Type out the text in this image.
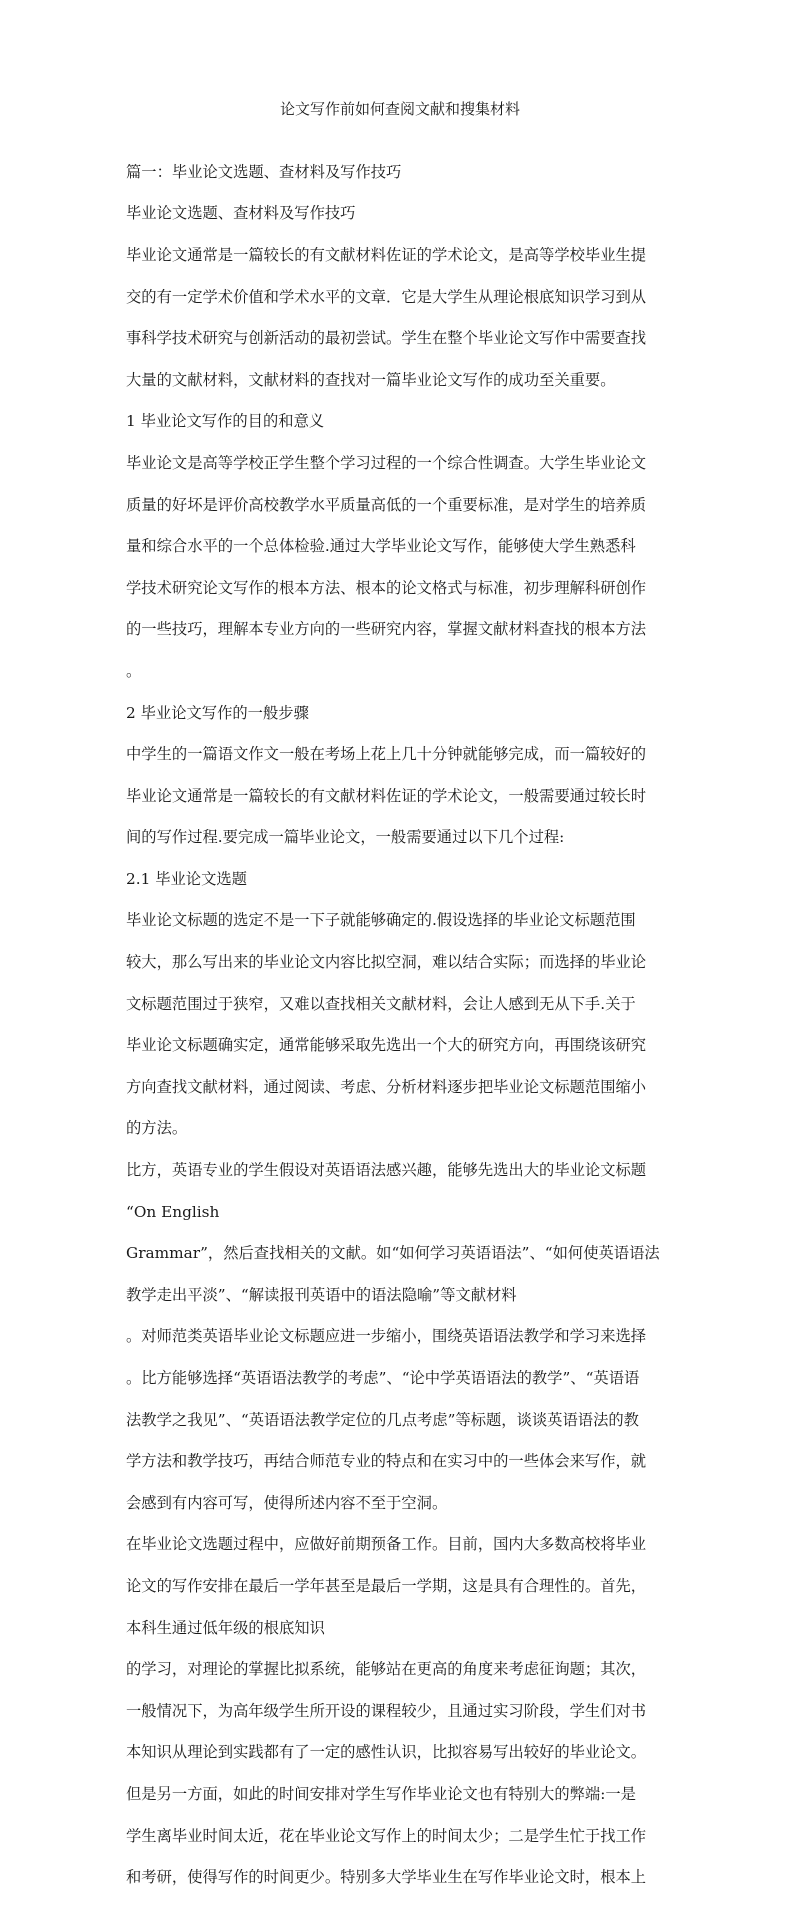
论文写作前如何查阅文献和搜集材料

篇一：毕业论文选题、查材料及写作技巧

毕业论文选题、查材料及写作技巧

毕业论文通常是一篇较长的有文献材料佐证的学术论文，是高等学校毕业生提

交的有一定学术价值和学术水平的文章．它是大学生从理论根底知识学习到从

事科学技术研究与创新活动的最初尝试。学生在整个毕业论文写作中需要查找

大量的文献材料，文献材料的查找对一篇毕业论文写作的成功至关重要。

1 毕业论文写作的目的和意义

毕业论文是高等学校正学生整个学习过程的一个综合性调查。大学生毕业论文

质量的好坏是评价高校教学水平质量高低的一个重要标准，是对学生的培养质

量和综合水平的一个总体检验.通过大学毕业论文写作，能够使大学生熟悉科

学技术研究论文写作的根本方法、根本的论文格式与标准，初步理解科研创作

的一些技巧，理解本专业方向的一些研究内容，掌握文献材料查找的根本方法

。

2 毕业论文写作的一般步骤

中学生的一篇语文作文一般在考场上花上几十分钟就能够完成，而一篇较好的

毕业论文通常是一篇较长的有文献材料佐证的学术论文，一般需要通过较长时

间的写作过程.要完成一篇毕业论文，一般需要通过以下几个过程:

2.1 毕业论文选题

毕业论文标题的选定不是一下子就能够确定的.假设选择的毕业论文标题范围

较大，那么写出来的毕业论文内容比拟空洞，难以结合实际；而选择的毕业论

文标题范围过于狭窄，又难以查找相关文献材料，会让人感到无从下手.关于

毕业论文标题确实定，通常能够采取先选出一个大的研究方向，再围绕该研究

方向查找文献材料，通过阅读、考虑、分析材料逐步把毕业论文标题范围缩小

的方法。

比方，英语专业的学生假设对英语语法感兴趣，能够先选出大的毕业论文标题

“On English

Grammar”，然后查找相关的文献。如“如何学习英语语法”、“如何使英语语法

教学走出平淡”、“解读报刊英语中的语法隐喻”等文献材料

。对师范类英语毕业论文标题应进一步缩小，围绕英语语法教学和学习来选择

。比方能够选择“英语语法教学的考虑”、“论中学英语语法的教学”、“英语语

法教学之我见”、“英语语法教学定位的几点考虑”等标题，谈谈英语语法的教

学方法和教学技巧，再结合师范专业的特点和在实习中的一些体会来写作，就

会感到有内容可写，使得所述内容不至于空洞。

在毕业论文选题过程中，应做好前期预备工作。目前，国内大多数高校将毕业

论文的写作安排在最后一学年甚至是最后一学期，这是具有合理性的。首先，

本科生通过低年级的根底知识

的学习，对理论的掌握比拟系统，能够站在更高的角度来考虑征询题；其次，

一般情况下，为高年级学生所开设的课程较少，且通过实习阶段，学生们对书

本知识从理论到实践都有了一定的感性认识，比拟容易写出较好的毕业论文。

但是另一方面，如此的时间安排对学生写作毕业论文也有特别大的弊端:一是

学生离毕业时间太近，花在毕业论文写作上的时间太少；二是学生忙于找工作

和考研，使得写作的时间更少。特别多大学毕业生在写作毕业论文时，根本上
